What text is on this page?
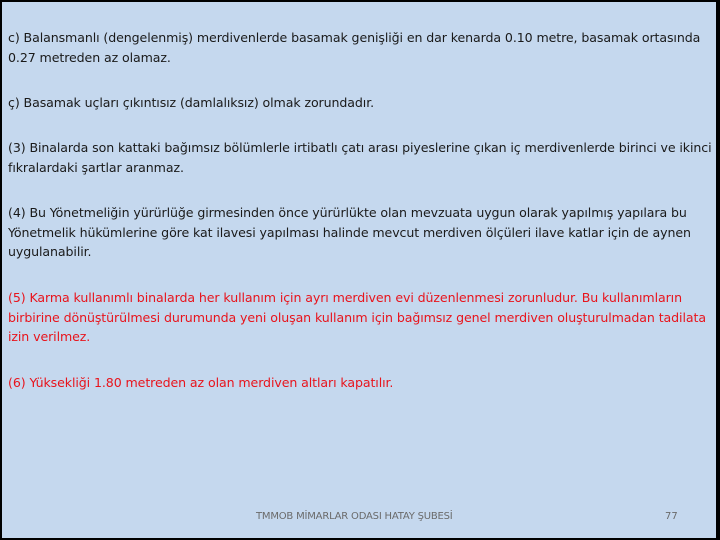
c) Balansmanlı (dengelenmiş) merdivenlerde basamak genişliği en dar kenarda 0.10 metre, basamak ortasında 0.27 metreden az olamaz.

ç) Basamak uçları çıkıntısız (damlalıksız) olmak zorundadır.

(3) Binalarda son kattaki bağımsız bölümlerle irtibatlı çatı arası piyeslerine çıkan iç merdivenlerde birinci ve ikinci fıkralardaki şartlar aranmaz.

(4) Bu Yönetmeliğin yürürlüğe girmesinden önce yürürlükte olan mevzuata uygun olarak yapılmış yapılara bu Yönetmelik hükümlerine göre kat ilavesi yapılması halinde mevcut merdiven ölçüleri ilave katlar için de aynen uygulanabilir.

(5) Karma kullanımlı binalarda her kullanım için ayrı merdiven evi düzenlenmesi zorunludur. Bu kullanımların birbirine dönüştürülmesi durumunda yeni oluşan kullanım için bağımsız genel merdiven oluşturulmadan tadilata izin verilmez.

(6) Yüksekliği 1.80 metreden az olan merdiven altları kapatılır.

TMMOB MİMARLAR ODASI HATAY ŞUBESİ	77
